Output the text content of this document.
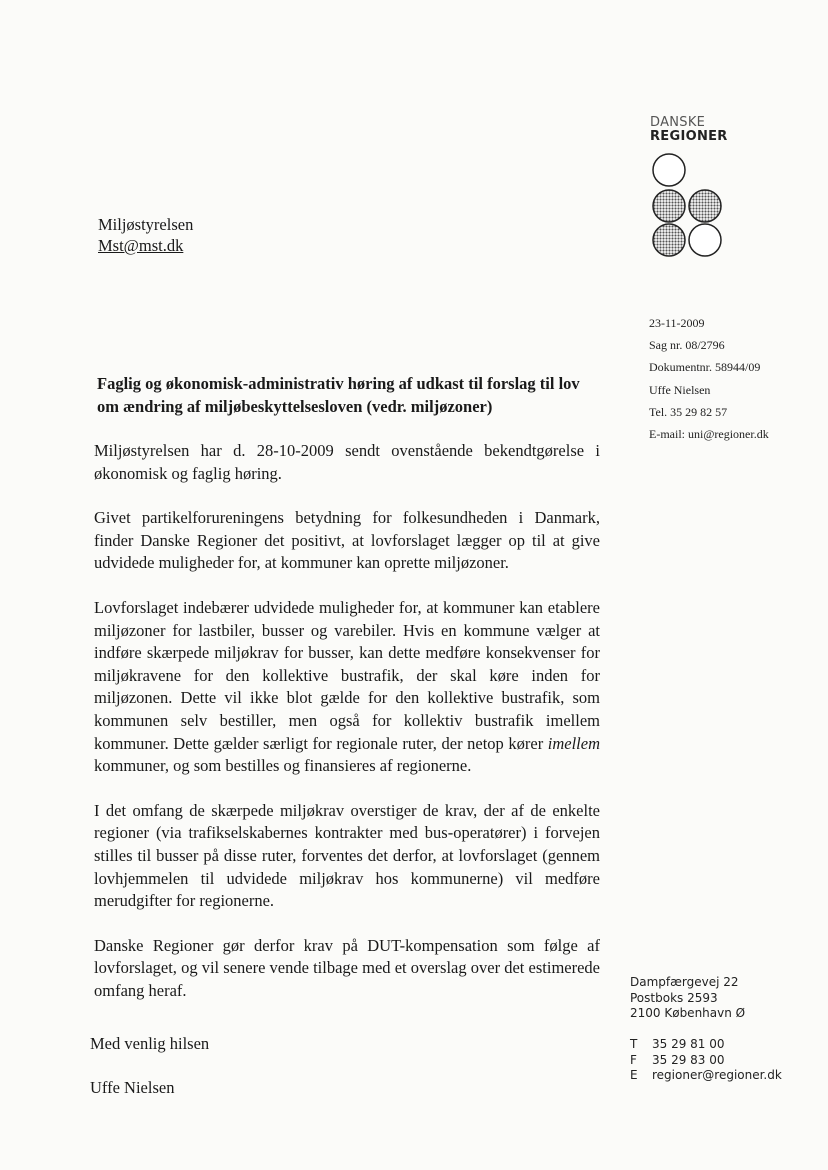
Miljøstyrelsen
Mst@mst.dk
DANSKE
REGIONER
23-11-2009
Sag nr. 08/2796
Dokumentnr. 58944/09
Uffe Nielsen
Tel. 35 29 82 57
E-mail: uni@regioner.dk
Faglig og økonomisk-administrativ høring af udkast til forslag til lov om ændring af miljøbeskyttelsesloven (vedr. miljøzoner)

Miljøstyrelsen har d. 28-10-2009 sendt ovenstående bekendtgørelse i økonomisk og faglig høring.

Givet partikelforureningens betydning for folkesundheden i Danmark, finder Danske Regioner det positivt, at lovforslaget lægger op til at give udvidede muligheder for, at kommuner kan oprette miljøzoner.

Lovforslaget indebærer udvidede muligheder for, at kommuner kan etablere miljøzoner for lastbiler, busser og varebiler. Hvis en kommune vælger at indføre skærpede miljøkrav for busser, kan dette medføre konsekvenser for miljøkravene for den kollektive bustrafik, der skal køre inden for miljøzonen. Dette vil ikke blot gælde for den kollektive bustrafik, som kommunen selv bestiller, men også for kollektiv bustrafik imellem kommuner. Dette gælder særligt for regionale ruter, der netop kører imellem kommuner, og som bestilles og finansieres af regionerne.

I det omfang de skærpede miljøkrav overstiger de krav, der af de enkelte regioner (via trafikselskabernes kontrakter med bus-operatører) i forvejen stilles til busser på disse ruter, forventes det derfor, at lovforslaget (gennem lovhjemmelen til udvidede miljøkrav hos kommunerne) vil medføre merudgifter for regionerne.

Danske Regioner gør derfor krav på DUT-kompensation som følge af lovforslaget, og vil senere vende tilbage med et overslag over det estimerede omfang heraf.

Med venlig hilsen
Uffe Nielsen
Dampfærgevej 22
Postboks 2593
2100 København Ø
T	35 29 81 00
F	35 29 83 00
E	regioner@regioner.dk
